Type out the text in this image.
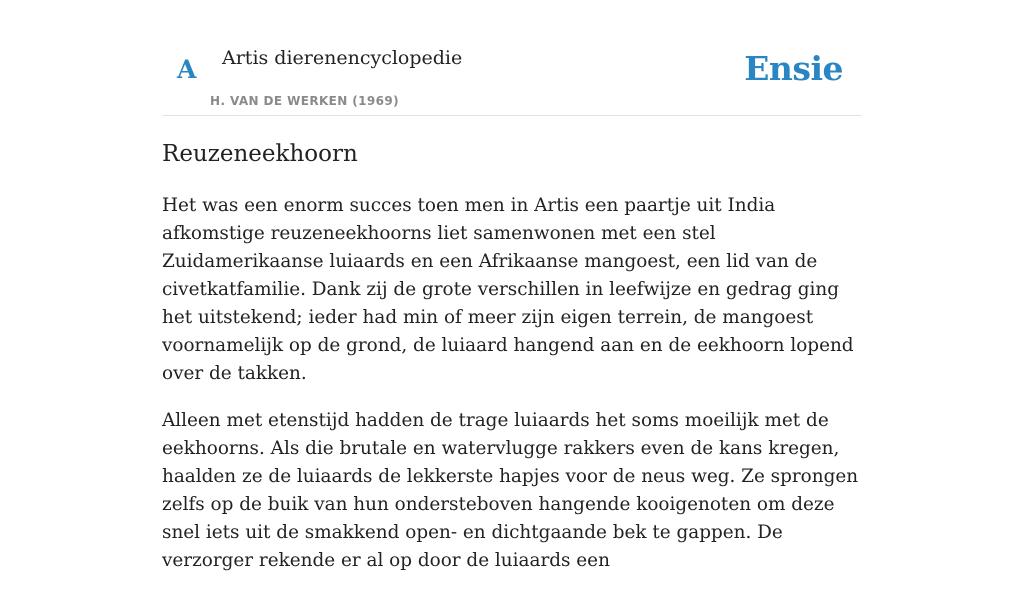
A Artis dierenencyclopedie
H. VAN DE WERKEN (1969)
Ensie
Reuzeneekhoorn

Het was een enorm succes toen men in Artis een paartje uit India afkomstige reuzeneekhoorns liet samenwonen met een stel Zuidamerikaanse luiaards en een Afrikaanse mangoest, een lid van de civetkatfamilie. Dank zij de grote verschillen in leefwijze en gedrag ging het uitstekend; ieder had min of meer zijn eigen terrein, de mangoest voornamelijk op de grond, de luiaard hangend aan en de eekhoorn lopend over de takken.

Alleen met etenstijd hadden de trage luiaards het soms moeilijk met de eekhoorns. Als die brutale en watervlugge rakkers even de kans kregen, haalden ze de luiaards de lekkerste hapjes voor de neus weg. Ze sprongen zelfs op de buik van hun ondersteboven hangende kooigenoten om deze snel iets uit de smakkend open- en dichtgaande bek te gappen. De verzorger rekende er al op door de luiaards een
